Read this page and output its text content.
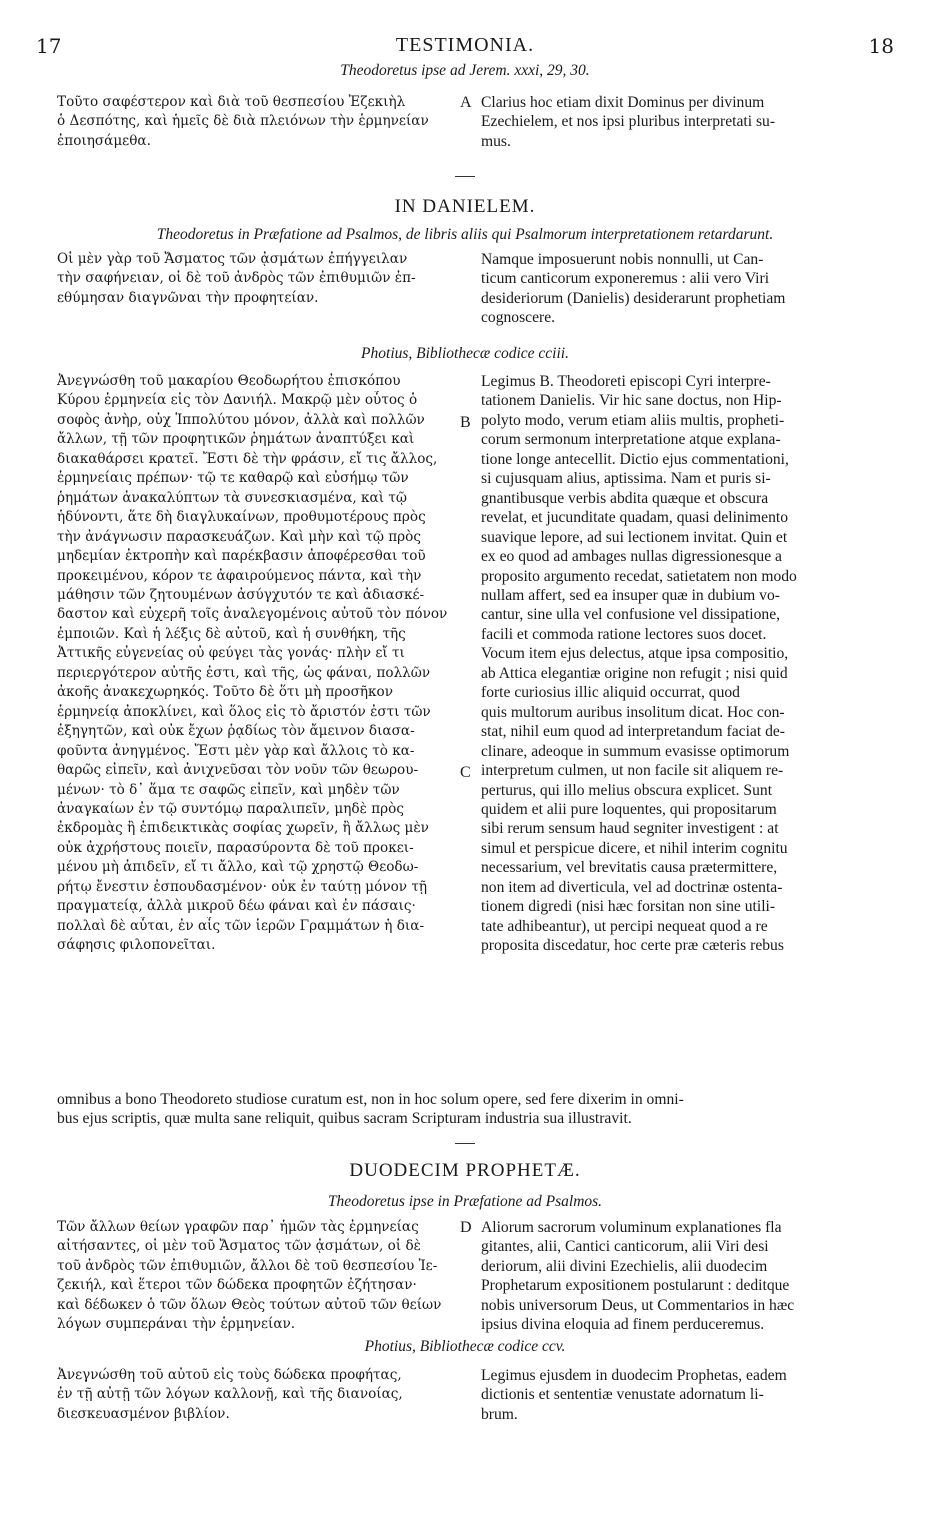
17	TESTIMONIA.	18
Theodoretus ipse ad Jerem. xxxi, 29, 30.
Τοῦτο σαφέστερον καὶ διὰ τοῦ θεσπεσίου Ἐζεκιὴλ
ὁ Δεσπότης, καὶ ἡμεῖς δὲ διὰ πλειόνων τὴν ἑρμηνείαν
ἐποιησάμεθα.
A Clarius hoc etiam dixit Dominus per divinum
Ezechielem, et nos ipsi pluribus interpretati su-
mus.
IN DANIELEM.
Theodoretus in Præfatione ad Psalmos, de libris aliis qui Psalmorum interpretationem retardarunt.
Οἱ μὲν γὰρ τοῦ Ἄσματος τῶν ᾀσμάτων ἐπήγγειλαν
τὴν σαφήνειαν, οἱ δὲ τοῦ ἀνδρὸς τῶν ἐπιθυμιῶν ἐπ-
εθύμησαν διαγνῶναι τὴν προφητείαν.
Namque imposuerunt nobis nonnulli, ut Can-
ticum canticorum exponeremus : alii vero Viri
desideriorum (Danielis) desiderarunt prophetiam
cognoscere.
Photius, Bibliothecæ codice cciii.
Ἀνεγνώσθη τοῦ μακαρίου Θεοδωρήτου ἐπισκόπου
Κύρου ἑρμηνεία εἰς τὸν Δανιήλ. Μακρῷ μὲν οὗτος ὁ
σοφὸς ἀνὴρ, οὐχ Ἱππολύτου μόνον, ἀλλὰ καὶ πολλῶν
ἄλλων, τῇ τῶν προφητικῶν ῥημάτων ἀναπτύξει καὶ
διακαθάρσει κρατεῖ. Ἔστι δὲ τὴν φράσιν, εἴ τις ἄλλος,
ἑρμηνείαις πρέπων· τῷ τε καθαρῷ καὶ εὐσήμῳ τῶν
ῥημάτων ἀνακαλύπτων τὰ συνεσκιασμένα, καὶ τῷ
ἡδύνοντι, ἅτε δὴ διαγλυκαίνων, προθυμοτέρους πρὸς
τὴν ἀνάγνωσιν παρασκευάζων. Καὶ μὴν καὶ τῷ πρὸς
μηδεμίαν ἐκτροπὴν καὶ παρέκβασιν ἀποφέρεσθαι τοῦ
προκειμένου, κόρον τε ἀφαιρούμενος πάντα, καὶ τὴν
μάθησιν τῶν ζητουμένων ἀσύγχυτόν τε καὶ ἀδιασκέ-
δαστον καὶ εὐχερῆ τοῖς ἀναλεγομένοις αὐτοῦ τὸν πόνον
ἐμποιῶν. Καὶ ἡ λέξις δὲ αὐτοῦ, καὶ ἡ συνθήκη, τῆς
Ἀττικῆς εὐγενείας οὐ φεύγει τὰς γονάς· πλὴν εἴ τι
περιεργότερον αὐτῆς ἐστι, καὶ τῆς, ὡς φάναι, πολλῶν
ἀκοῆς ἀνακεχωρηκός. Τοῦτο δὲ ὅτι μὴ προσῆκον
ἑρμηνείᾳ ἀποκλίνει, καὶ ὅλος εἰς τὸ ἄριστόν ἐστι τῶν
ἐξηγητῶν, καὶ οὐκ ἔχων ῥᾳδίως τὸν ἄμεινον διασα-
φοῦντα ἀνηγμένος. Ἔστι μὲν γὰρ καὶ ἄλλοις τὸ κα-
θαρῶς εἰπεῖν, καὶ ἀνιχνεῦσαι τὸν νοῦν τῶν θεωρου-
μένων· τὸ δ᾽ ἅμα τε σαφῶς εἰπεῖν, καὶ μηδὲν τῶν
ἀναγκαίων ἐν τῷ συντόμῳ παραλιπεῖν, μηδὲ πρὸς
ἐκδρομὰς ἢ ἐπιδεικτικὰς σοφίας χωρεῖν, ἢ ἄλλως μὲν
οὐκ ἀχρήστους ποιεῖν, παρασύροντα δὲ τοῦ προκει-
μένου μὴ ἀπιδεῖν, εἴ τι ἄλλο, καὶ τῷ χρηστῷ Θεοδω-
ρήτῳ ἔνεστιν ἐσπουδασμένον· οὐκ ἐν ταύτῃ μόνον τῇ
πραγματείᾳ, ἀλλὰ μικροῦ δέω φάναι καὶ ἐν πάσαις·
πολλαὶ δὲ αὗται, ἐν αἷς τῶν ἱερῶν Γραμμάτων ἡ δια-
σάφησις φιλοπονεῖται.
B
C
Legimus B. Theodoreti episcopi Cyri interpre-
tationem Danielis. Vir hic sane doctus, non Hip-
polyto modo, verum etiam aliis multis, propheti-
corum sermonum interpretatione atque explana-
tione longe antecellit. Dictio ejus commentationi,
si cujusquam alius, aptissima. Nam et puris si-
gnantibusque verbis abdita quæque et obscura
revelat, et jucunditate quadam, quasi delinimento
suavique lepore, ad sui lectionem invitat. Quin et
ex eo quod ad ambages nullas digressionesque a
proposito argumento recedat, satietatem non modo
nullam affert, sed ea insuper quæ in dubium vo-
cantur, sine ulla vel confusione vel dissipatione,
facili et commoda ratione lectores suos docet.
Vocum item ejus delectus, atque ipsa compositio,
ab Attica elegantiæ origine non refugit ; nisi quid
forte curiosius illic aliquid occurrat, quod
quis multorum auribus insolitum dicat. Hoc con-
stat, nihil eum quod ad interpretandum faciat de-
clinare, adeoque in summum evasisse optimorum
interpretum culmen, ut non facile sit aliquem re-
perturus, qui illo melius obscura explicet. Sunt
quidem et alii pure loquentes, qui propositarum
sibi rerum sensum haud segniter investigent : at
simul et perspicue dicere, et nihil interim cognitu
necessarium, vel brevitatis causa prætermittere,
non item ad diverticula, vel ad doctrinæ ostenta-
tionem digredi (nisi hæc forsitan non sine utili-
tate adhibeantur), ut percipi nequeat quod a re
proposita discedatur, hoc certe præ cæteris rebus
omnibus a bono Theodoreto studiose curatum est, non in hoc solum opere, sed fere dixerim in omni-
bus ejus scriptis, quæ multa sane reliquit, quibus sacram Scripturam industria sua illustravit.
DUODECIM PROPHETÆ.
Theodoretus ipse in Præfatione ad Psalmos.
Τῶν ἄλλων θείων γραφῶν παρ᾽ ἡμῶν τὰς ἑρμηνείας
αἰτήσαντες, οἱ μὲν τοῦ Ἄσματος τῶν ᾀσμάτων, οἱ δὲ
τοῦ ἀνδρὸς τῶν ἐπιθυμιῶν, ἄλλοι δὲ τοῦ θεσπεσίου Ἰε-
ζεκιήλ, καὶ ἕτεροι τῶν δώδεκα προφητῶν ἐζήτησαν·
καὶ δέδωκεν ὁ τῶν ὅλων Θεὸς τούτων αὐτοῦ τῶν θείων
λόγων συμπεράναι τὴν ἑρμηνείαν.
D Aliorum sacrorum voluminum explanationes fla
gitantes, alii, Cantici canticorum, alii Viri desi
deriorum, alii divini Ezechielis, alii duodecim
Prophetarum expositionem postularunt : deditque
nobis universorum Deus, ut Commentarios in hæc
ipsius divina eloquia ad finem perduceremus.
Photius, Bibliothecæ codice ccv.
Ἀνεγνώσθη τοῦ αὐτοῦ εἰς τοὺς δώδεκα προφήτας,
ἐν τῇ αὐτῇ τῶν λόγων καλλονῇ, καὶ τῆς διανοίας,
διεσκευασμένον βιβλίον.
Legimus ejusdem in duodecim Prophetas, eadem
dictionis et sententiæ venustate adornatum li-
brum.
